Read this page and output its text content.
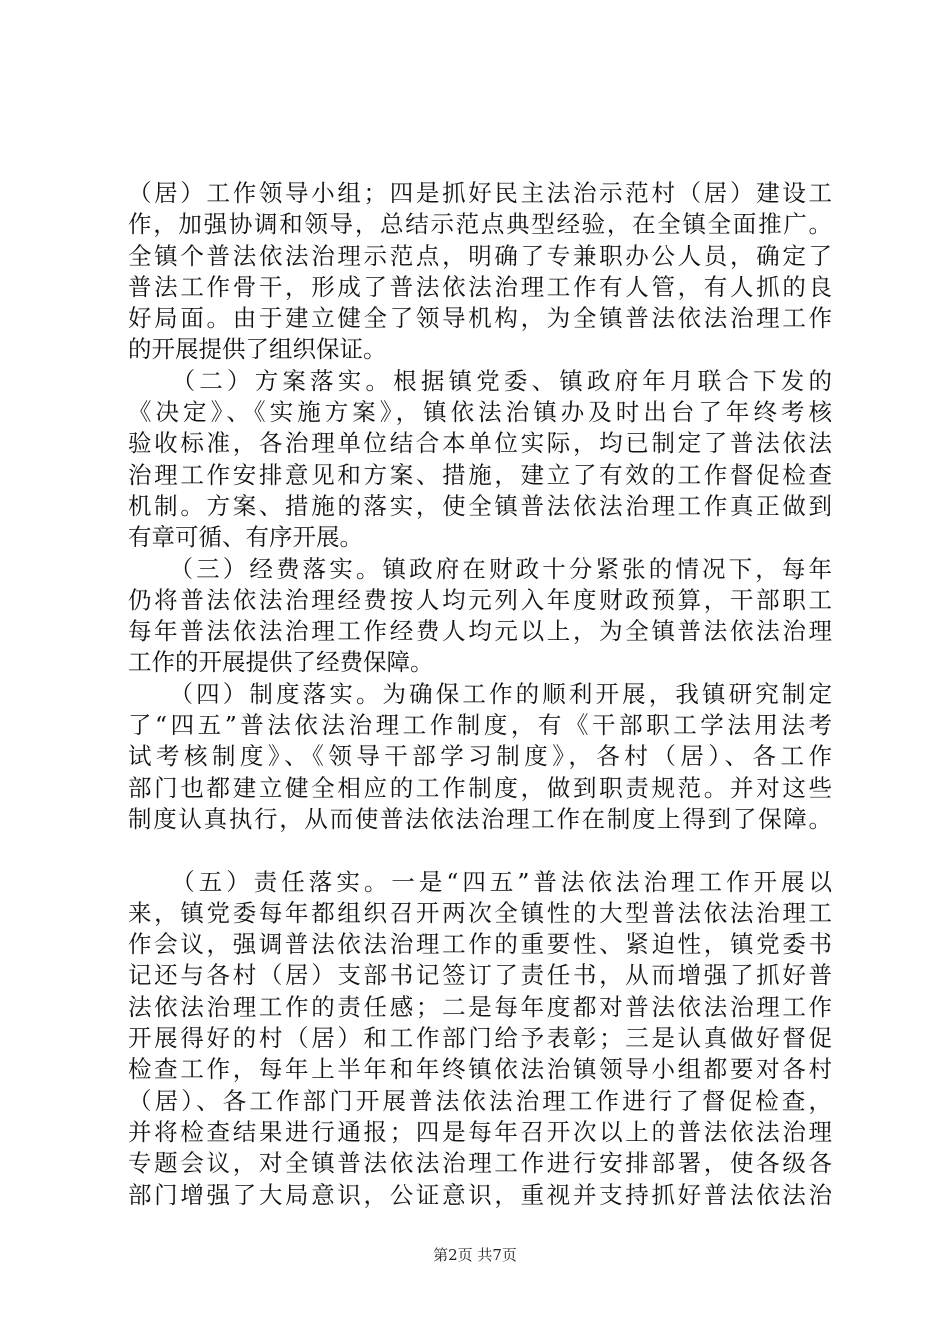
（居）工作领导小组；四是抓好民主法治示范村（居）建设工
作，加强协调和领导，总结示范点典型经验，在全镇全面推广。
全镇个普法依法治理示范点，明确了专兼职办公人员，确定了
普法工作骨干，形成了普法依法治理工作有人管，有人抓的良
好局面。由于建立健全了领导机构，为全镇普法依法治理工作
的开展提供了组织保证。
　　（二）方案落实。根据镇党委、镇政府年月联合下发的
《决定》、《实施方案》，镇依法治镇办及时出台了年终考核
验收标准，各治理单位结合本单位实际，均已制定了普法依法
治理工作安排意见和方案、措施，建立了有效的工作督促检查
机制。方案、措施的落实，使全镇普法依法治理工作真正做到
有章可循、有序开展。
　　（三）经费落实。镇政府在财政十分紧张的情况下，每年
仍将普法依法治理经费按人均元列入年度财政预算，干部职工
每年普法依法治理工作经费人均元以上，为全镇普法依法治理
工作的开展提供了经费保障。
　　（四）制度落实。为确保工作的顺利开展，我镇研究制定
了“四五”普法依法治理工作制度，有《干部职工学法用法考
试考核制度》、《领导干部学习制度》，各村（居）、各工作
部门也都建立健全相应的工作制度，做到职责规范。并对这些
制度认真执行，从而使普法依法治理工作在制度上得到了保障。
　　（五）责任落实。一是“四五”普法依法治理工作开展以
来，镇党委每年都组织召开两次全镇性的大型普法依法治理工
作会议，强调普法依法治理工作的重要性、紧迫性，镇党委书
记还与各村（居）支部书记签订了责任书，从而增强了抓好普
法依法治理工作的责任感；二是每年度都对普法依法治理工作
开展得好的村（居）和工作部门给予表彰；三是认真做好督促
检查工作，每年上半年和年终镇依法治镇领导小组都要对各村
（居）、各工作部门开展普法依法治理工作进行了督促检查，
并将检查结果进行通报；四是每年召开次以上的普法依法治理
专题会议，对全镇普法依法治理工作进行安排部署，使各级各
部门增强了大局意识，公证意识，重视并支持抓好普法依法治
第2页 共7页
